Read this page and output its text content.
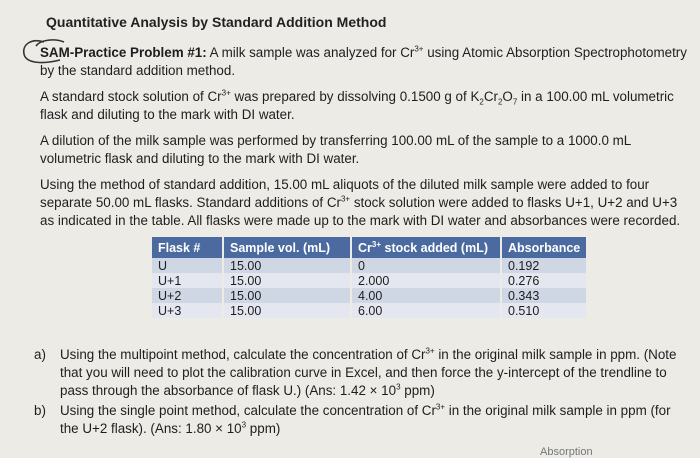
Quantitative Analysis by Standard Addition Method
SAM-Practice Problem #1: A milk sample was analyzed for $Cr^{3+}$ using Atomic Absorption Spectrophotometry by the standard addition method.
A standard stock solution of $Cr^{3+}$ was prepared by dissolving 0.1500 g of $K_2Cr_2O_7$ in a 100.00 mL volumetric flask and diluting to the mark with DI water.
A dilution of the milk sample was performed by transferring 100.00 mL of the sample to a 1000.0 mL volumetric flask and diluting to the mark with DI water.
Using the method of standard addition, 15.00 mL aliquots of the diluted milk sample were added to four separate 50.00 mL flasks. Standard additions of $Cr^{3+}$ stock solution were added to flasks U+1, U+2 and U+3 as indicated in the table. All flasks were made up to the mark with DI water and absorbances were recorded.
Flask #	Sample vol. (mL)	$Cr^{3+}$ stock added (mL)	Absorbance
U	15.00	0	0.192
U+1	15.00	2.000	0.276
U+2	15.00	4.00	0.343
U+3	15.00	6.00	0.510
a) Using the multipoint method, calculate the concentration of $Cr^{3+}$ in the original milk sample in ppm. (Note that you will need to plot the calibration curve in Excel, and then force the y-intercept of the trendline to pass through the absorbance of flask U.) (Ans: $1.42 \times 10^3$ ppm)
b) Using the single point method, calculate the concentration of $Cr^{3+}$ in the original milk sample in ppm (for the U+2 flask). (Ans: $1.80 \times 10^3$ ppm)
Absorption
